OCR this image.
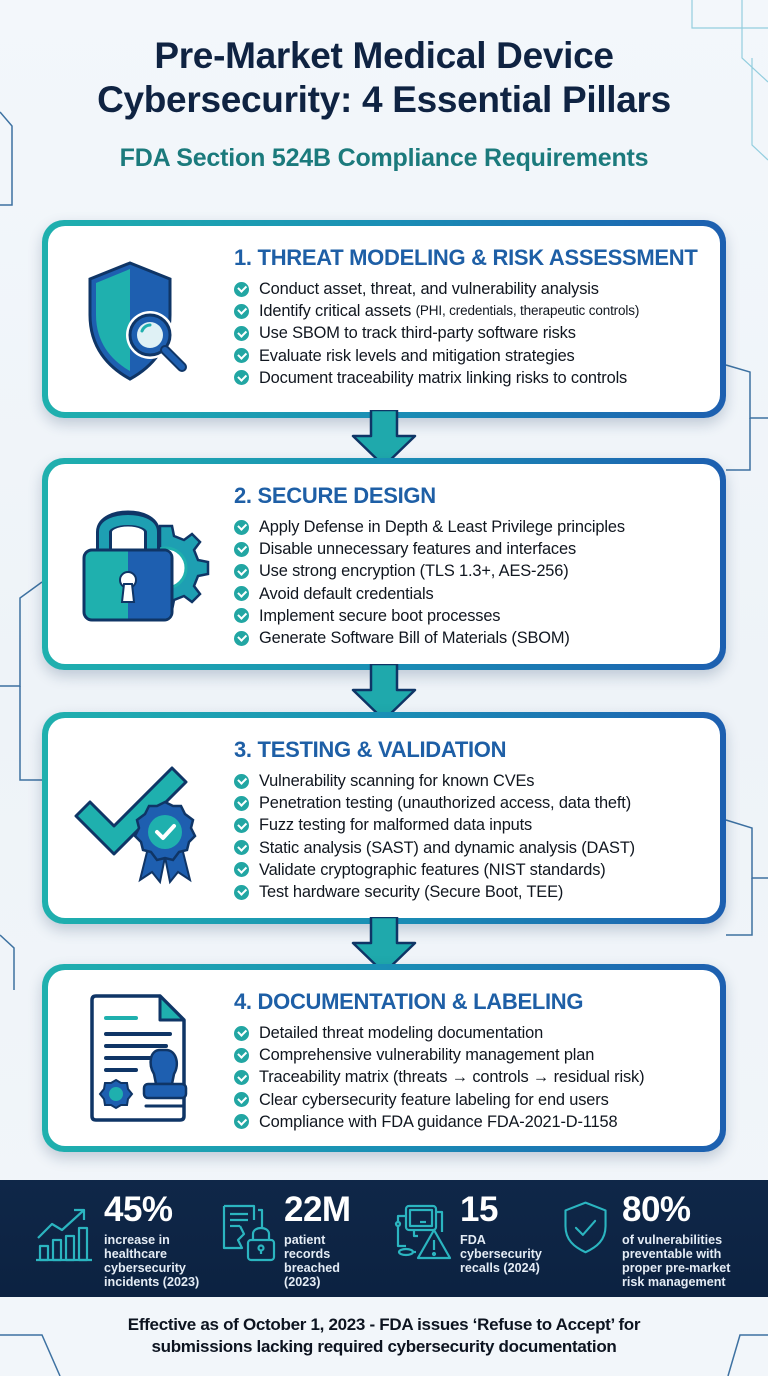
Pre-Market Medical Device
Cybersecurity: 4 Essential Pillars
FDA Section 524B Compliance Requirements
1. THREAT MODELING & RISK ASSESSMENT
Conduct asset, threat, and vulnerability analysis
Identify critical assets (PHI, credentials, therapeutic controls)
Use SBOM to track third-party software risks
Evaluate risk levels and mitigation strategies
Document traceability matrix linking risks to controls
2. SECURE DESIGN
Apply Defense in Depth & Least Privilege principles
Disable unnecessary features and interfaces
Use strong encryption (TLS 1.3+, AES-256)
Avoid default credentials
Implement secure boot processes
Generate Software Bill of Materials (SBOM)
3. TESTING & VALIDATION
Vulnerability scanning for known CVEs
Penetration testing (unauthorized access, data theft)
Fuzz testing for malformed data inputs
Static analysis (SAST) and dynamic analysis (DAST)
Validate cryptographic features (NIST standards)
Test hardware security (Secure Boot, TEE)
4. DOCUMENTATION & LABELING
Detailed threat modeling documentation
Comprehensive vulnerability management plan
Traceability matrix (threats → controls → residual risk)
Clear cybersecurity feature labeling for end users
Compliance with FDA guidance FDA-2021-D-1158
45%
increase in
healthcare
cybersecurity
incidents (2023)
22M
patient
records
breached
(2023)
15
FDA
cybersecurity
recalls (2024)
80%
of vulnerabilities
preventable with
proper pre-market
risk management
Effective as of October 1, 2023 - FDA issues ‘Refuse to Accept’ for
submissions lacking required cybersecurity documentation
